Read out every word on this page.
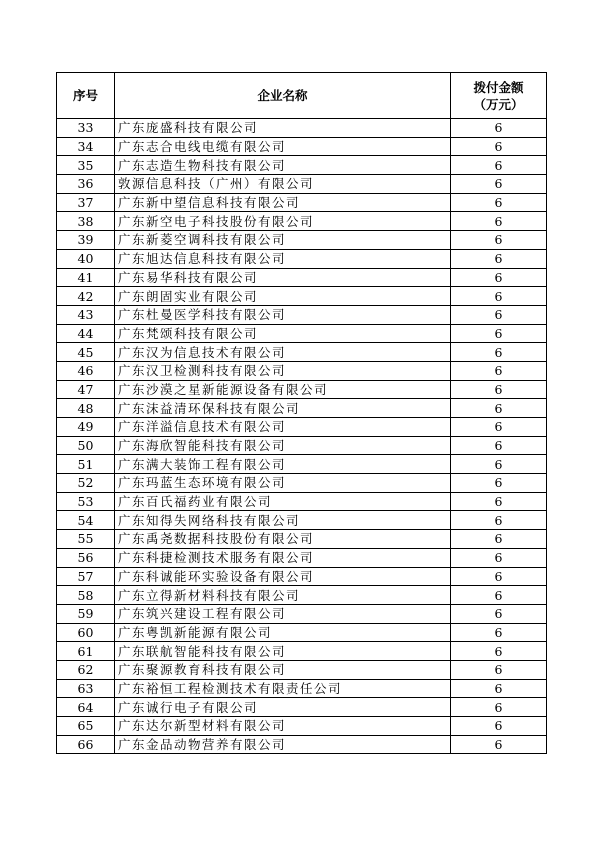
序号	企业名称	拨付金额
（万元）

33	广东庞盛科技有限公司	6
34	广东志合电线电缆有限公司	6
35	广东志造生物科技有限公司	6
36	敦源信息科技（广州）有限公司	6
37	广东新中望信息科技有限公司	6
38	广东新空电子科技股份有限公司	6
39	广东新菱空调科技有限公司	6
40	广东旭达信息科技有限公司	6
41	广东易华科技有限公司	6
42	广东朗固实业有限公司	6
43	广东杜曼医学科技有限公司	6
44	广东梵颂科技有限公司	6
45	广东汉为信息技术有限公司	6
46	广东汉卫检测科技有限公司	6
47	广东沙漠之星新能源设备有限公司	6
48	广东沫益清环保科技有限公司	6
49	广东洋溢信息技术有限公司	6
50	广东海欣智能科技有限公司	6
51	广东满大装饰工程有限公司	6
52	广东玛蓝生态环境有限公司	6
53	广东百氏福药业有限公司	6
54	广东知得失网络科技有限公司	6
55	广东禹尧数据科技股份有限公司	6
56	广东科捷检测技术服务有限公司	6
57	广东科诚能环实验设备有限公司	6
58	广东立得新材料科技有限公司	6
59	广东筑兴建设工程有限公司	6
60	广东粤凯新能源有限公司	6
61	广东联航智能科技有限公司	6
62	广东聚源教育科技有限公司	6
63	广东裕恒工程检测技术有限责任公司	6
64	广东诚行电子有限公司	6
65	广东达尔新型材料有限公司	6
66	广东金品动物营养有限公司	6
